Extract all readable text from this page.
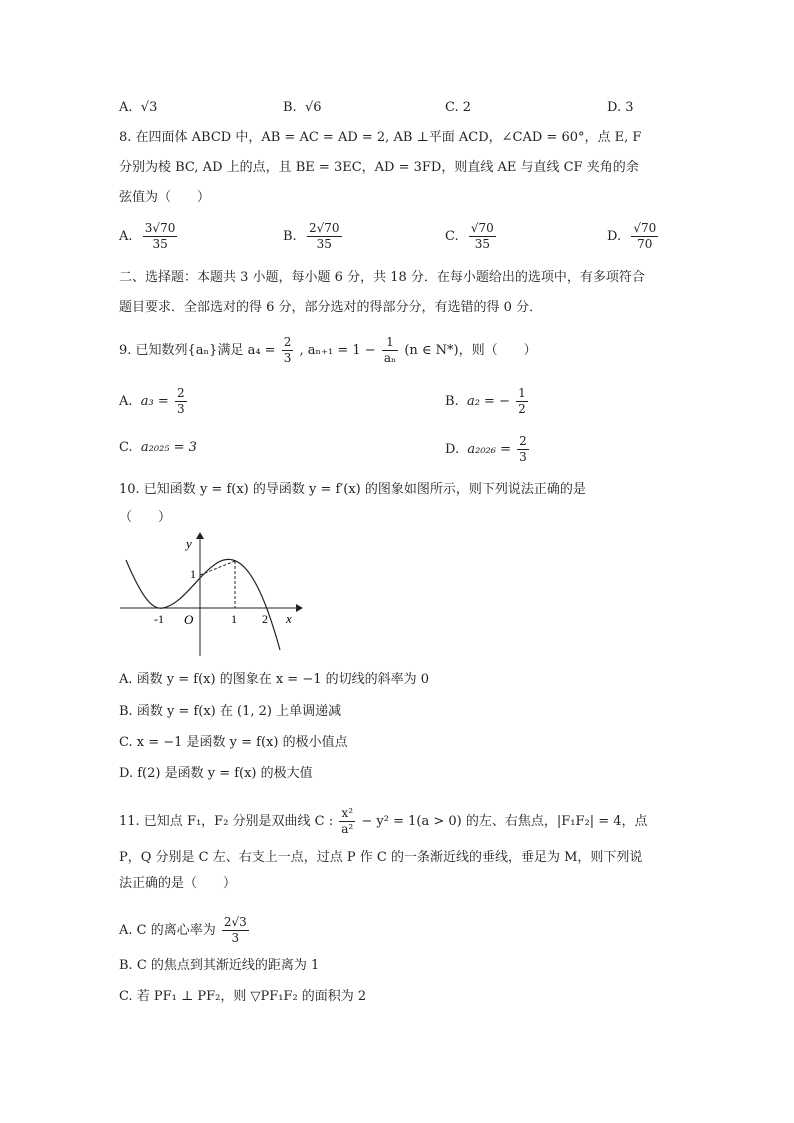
A. √3	B. √6	C. 2	D. 3
8. 在四面体 ABCD 中，AB = AC = AD = 2, AB ⊥平面 ACD，∠CAD = 60°，点 E, F
分别为棱 BC, AD 上的点，且 BE = 3EC，AD = 3FD，则直线 AE 与直线 CF 夹角的余
弦值为（　　）
A. $\frac{3√70}{35}$	B. $\frac{2√70}{35}$	C. $\frac{√70}{35}$	D. $\frac{√70}{70}$
二、选择题：本题共 3 小题，每小题 6 分，共 18 分．在每小题给出的选项中，有多项符合
题目要求．全部选对的得 6 分，部分选对的得部分分，有选错的得 0 分．
9. 已知数列{aₙ}满足 $a_4 = \frac{2}{3}$ , $a_{n+1} = 1 - \frac{1}{\text{aₙ}} (n$ ∈ N*)，则（　　）
A. $a_3 = \frac{2}{3}$	B. a₂ = − $\frac{1}{2}$
C. a₂₀₂₅ = 3	D. $a_{2026} = \frac{2}{3}$
10. 已知函数 y = f(x) 的导函数 y = f′(x) 的图象如图所示，则下列说法正确的是
（　　）
y
x
O
1
-1	1 2
A. 函数 y = f(x) 的图象在 x = −1 的切线的斜率为 0
B. 函数 y = f(x) 在 (1, 2) 上单调递减
C. x = −1 是函数 y = f(x) 的极小值点
D. f(2) 是函数 y = f(x) 的极大值
11. 已知点 F₁，F₂ 分别是双曲线 C : $\frac{\text{x²}}{\text{a²}} - y^2 = 1(a > 0)$ 的左、右焦点，|F₁F₂| = 4，点
P，Q 分别是 C 左、右支上一点，过点 P 作 C 的一条渐近线的垂线，垂足为 M，则下列说
法正确的是（　　）
A. C 的离心率为 $\frac{2√3}{3}$
B. C 的焦点到其渐近线的距离为 1
C. 若 PF₁ ⊥ PF₂，则 ▽PF₁F₂ 的面积为 2
